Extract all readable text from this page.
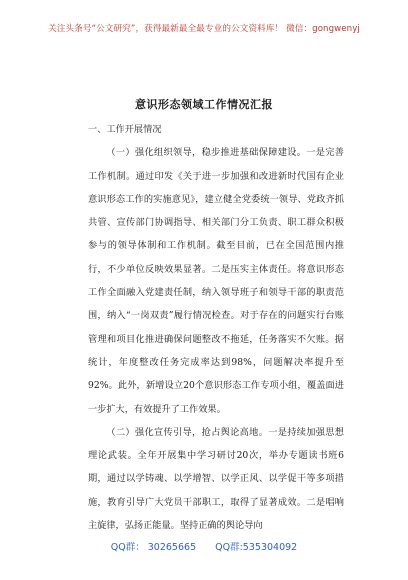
关注头条号“公文研究”，获得最新最全最专业的公文资料库！ 微信：gongwenyj
意识形态领域工作情况汇报

一、工作开展情况

（一）强化组织领导，稳步推进基础保障建设。一是完善工作机制。通过印发《关于进一步加强和改进新时代国有企业意识形态工作的实施意见》，建立健全党委统一领导、党政齐抓共管、宣传部门协调指导、相关部门分工负责、职工群众积极参与的领导体制和工作机制。截至目前，已在全国范围内推行，不少单位反映效果显著。二是压实主体责任。将意识形态工作全面融入党建责任制，纳入领导班子和领导干部的职责范围，纳入“一岗双责”履行情况检查。对于存在的问题实行台账管理和项目化推进确保问题整改不拖延，任务落实不欠账。据统计，年度整改任务完成率达到98%，问题解决率提升至92%。此外，新增设立20个意识形态工作专项小组，覆盖面进一步扩大，有效提升了工作效果。

（二）强化宣传引导，抢占舆论高地。一是持续加强思想理论武装。全年开展集中学习研讨20次，举办专题读书班6期，通过以学铸魂、以学增智、以学正风、以学促干等多项措施，教育引导广大党员干部职工，取得了显著成效。二是唱响主旋律，弘扬正能量。坚持正确的舆论导向

QQ群： 30265665 QQ群:535304092
